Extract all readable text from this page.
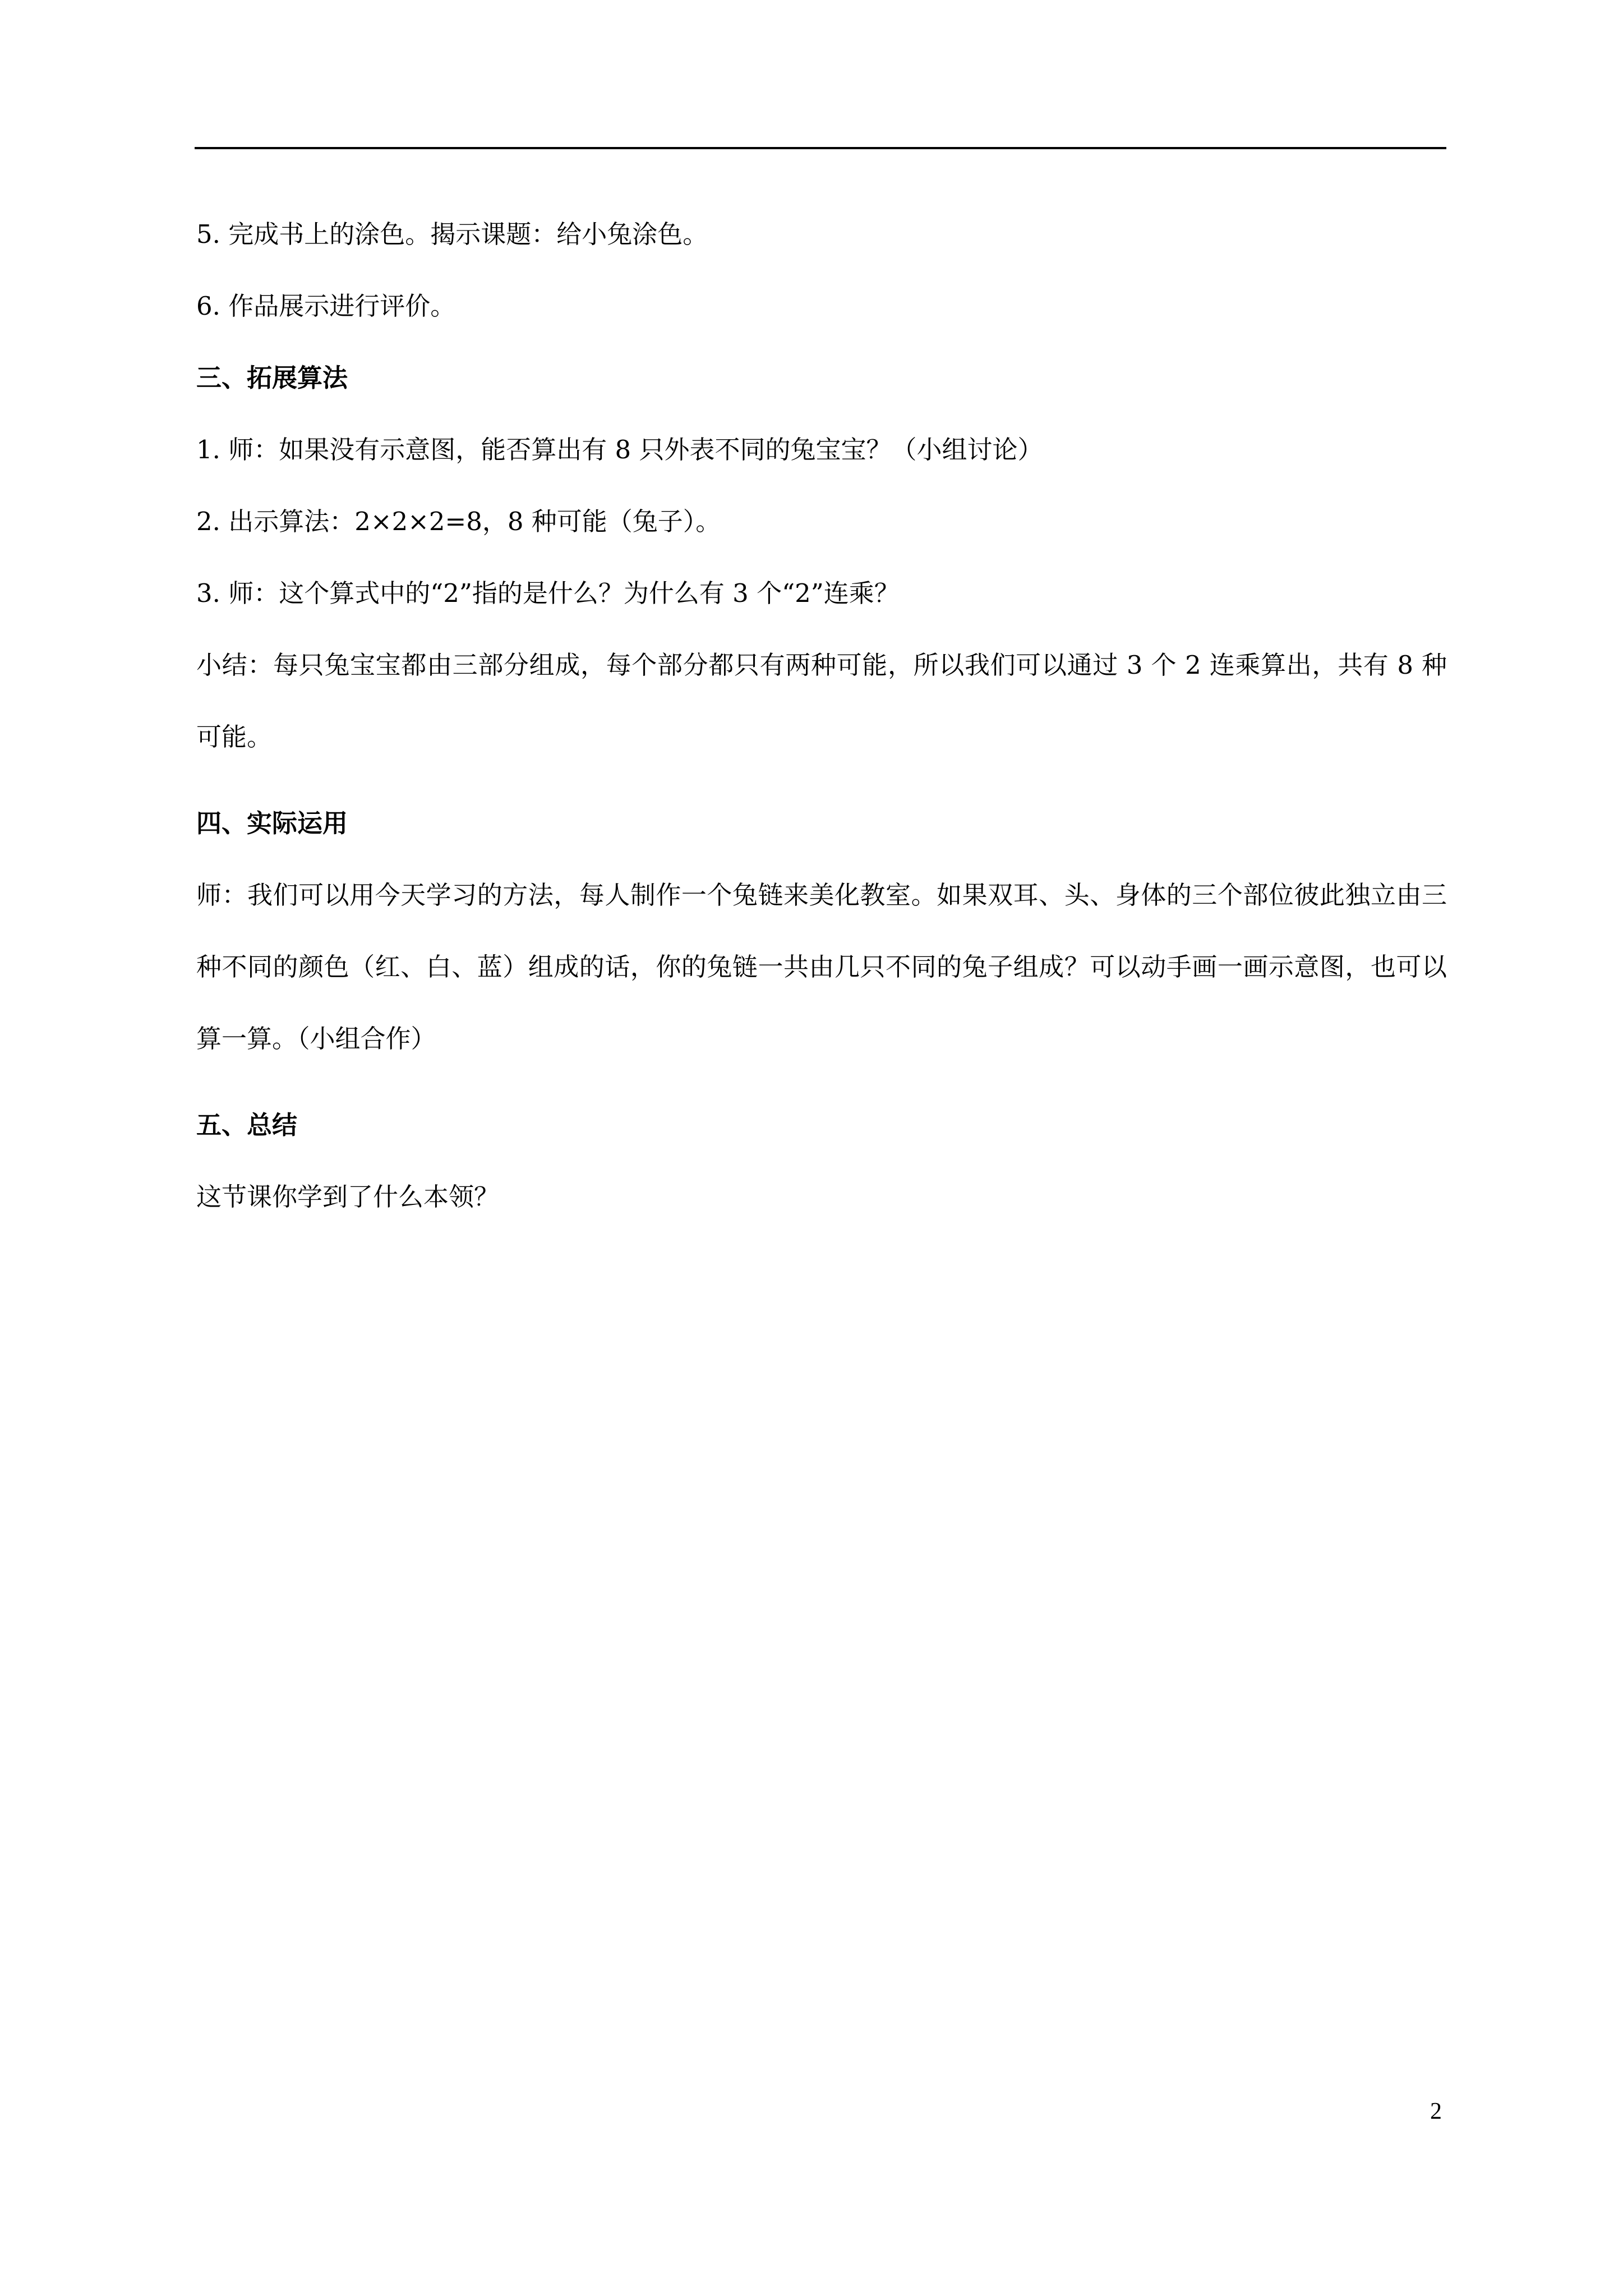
5. 完成书上的涂色。揭示课题：给小兔涂色。
6. 作品展示进行评价。
三、拓展算法
1. 师：如果没有示意图，能否算出有 8 只外表不同的兔宝宝？（小组讨论）
2. 出示算法：2×2×2=8，8 种可能（兔子）。
3. 师：这个算式中的“2”指的是什么？为什么有 3 个“2”连乘？
小结：每只兔宝宝都由三部分组成，每个部分都只有两种可能，所以我们可以通过 3 个 2 连乘算出，共有 8 种可能。
四、实际运用
师：我们可以用今天学习的方法，每人制作一个兔链来美化教室。如果双耳、头、身体的三个部位彼此独立由三种不同的颜色（红、白、蓝）组成的话，你的兔链一共由几只不同的兔子组成？可以动手画一画示意图，也可以算一算。（小组合作）
五、总结
这节课你学到了什么本领？
2
